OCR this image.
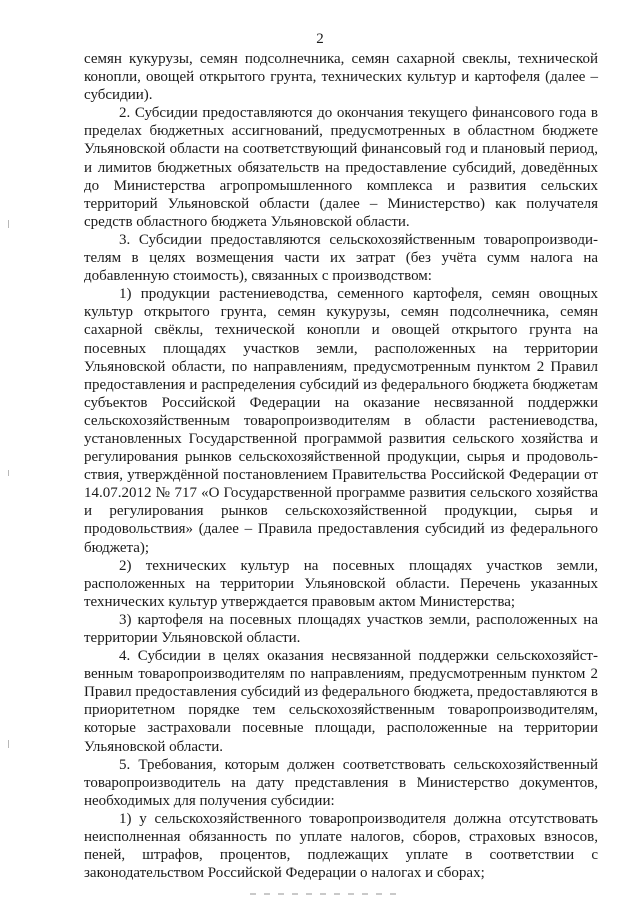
2

семян кукурузы, семян подсолнечника, семян сахарной свеклы, технической конопли, овощей открытого грунта, технических культур и картофеля (далее – субсидии).

2. Субсидии предоставляются до окончания текущего финансового года в пределах бюджетных ассигнований, предусмотренных в областном бюджете Ульяновской области на соответствующий финансовый год и плановый период, и лимитов бюджетных обязательств на предоставление субсидий, доведённых до Министерства агропромышленного комплекса и развития сельских территорий Ульяновской области (далее – Министерство) как получателя средств областного бюджета Ульяновской области.

3. Субсидии предоставляются сельскохозяйственным товаропроизводи-телям в целях возмещения части их затрат (без учёта сумм налога на добавленную стоимость), связанных с производством:

1) продукции растениеводства, семенного картофеля, семян овощных культур открытого грунта, семян кукурузы, семян подсолнечника, семян сахарной свёклы, технической конопли и овощей открытого грунта на посевных площадях участков земли, расположенных на территории Ульяновской области, по направлениям, предусмотренным пунктом 2 Правил предоставления и распределения субсидий из федерального бюджета бюджетам субъектов Российской Федерации на оказание несвязанной поддержки сельскохозяйственным товаропроизводителям в области растениеводства, установленных Государственной программой развития сельского хозяйства и регулирования рынков сельскохозяйственной продукции, сырья и продоволь-ствия, утверждённой постановлением Правительства Российской Федерации от 14.07.2012 № 717 «О Государственной программе развития сельского хозяйства и регулирования рынков сельскохозяйственной продукции, сырья и продовольствия» (далее – Правила предоставления субсидий из федерального бюджета);

2) технических культур на посевных площадях участков земли, расположенных на территории Ульяновской области. Перечень указанных технических культур утверждается правовым актом Министерства;

3) картофеля на посевных площадях участков земли, расположенных на территории Ульяновской области.

4. Субсидии в целях оказания несвязанной поддержки сельскохозяйст-венным товаропроизводителям по направлениям, предусмотренным пунктом 2 Правил предоставления субсидий из федерального бюджета, предоставляются в приоритетном порядке тем сельскохозяйственным товаропроизводителям, которые застраховали посевные площади, расположенные на территории Ульяновской области.

5. Требования, которым должен соответствовать сельскохозяйственный товаропроизводитель на дату представления в Министерство документов, необходимых для получения субсидии:

1) у сельскохозяйственного товаропроизводителя должна отсутствовать неисполненная обязанность по уплате налогов, сборов, страховых взносов, пеней, штрафов, процентов, подлежащих уплате в соответствии с законодательством Российской Федерации о налогах и сборах;
